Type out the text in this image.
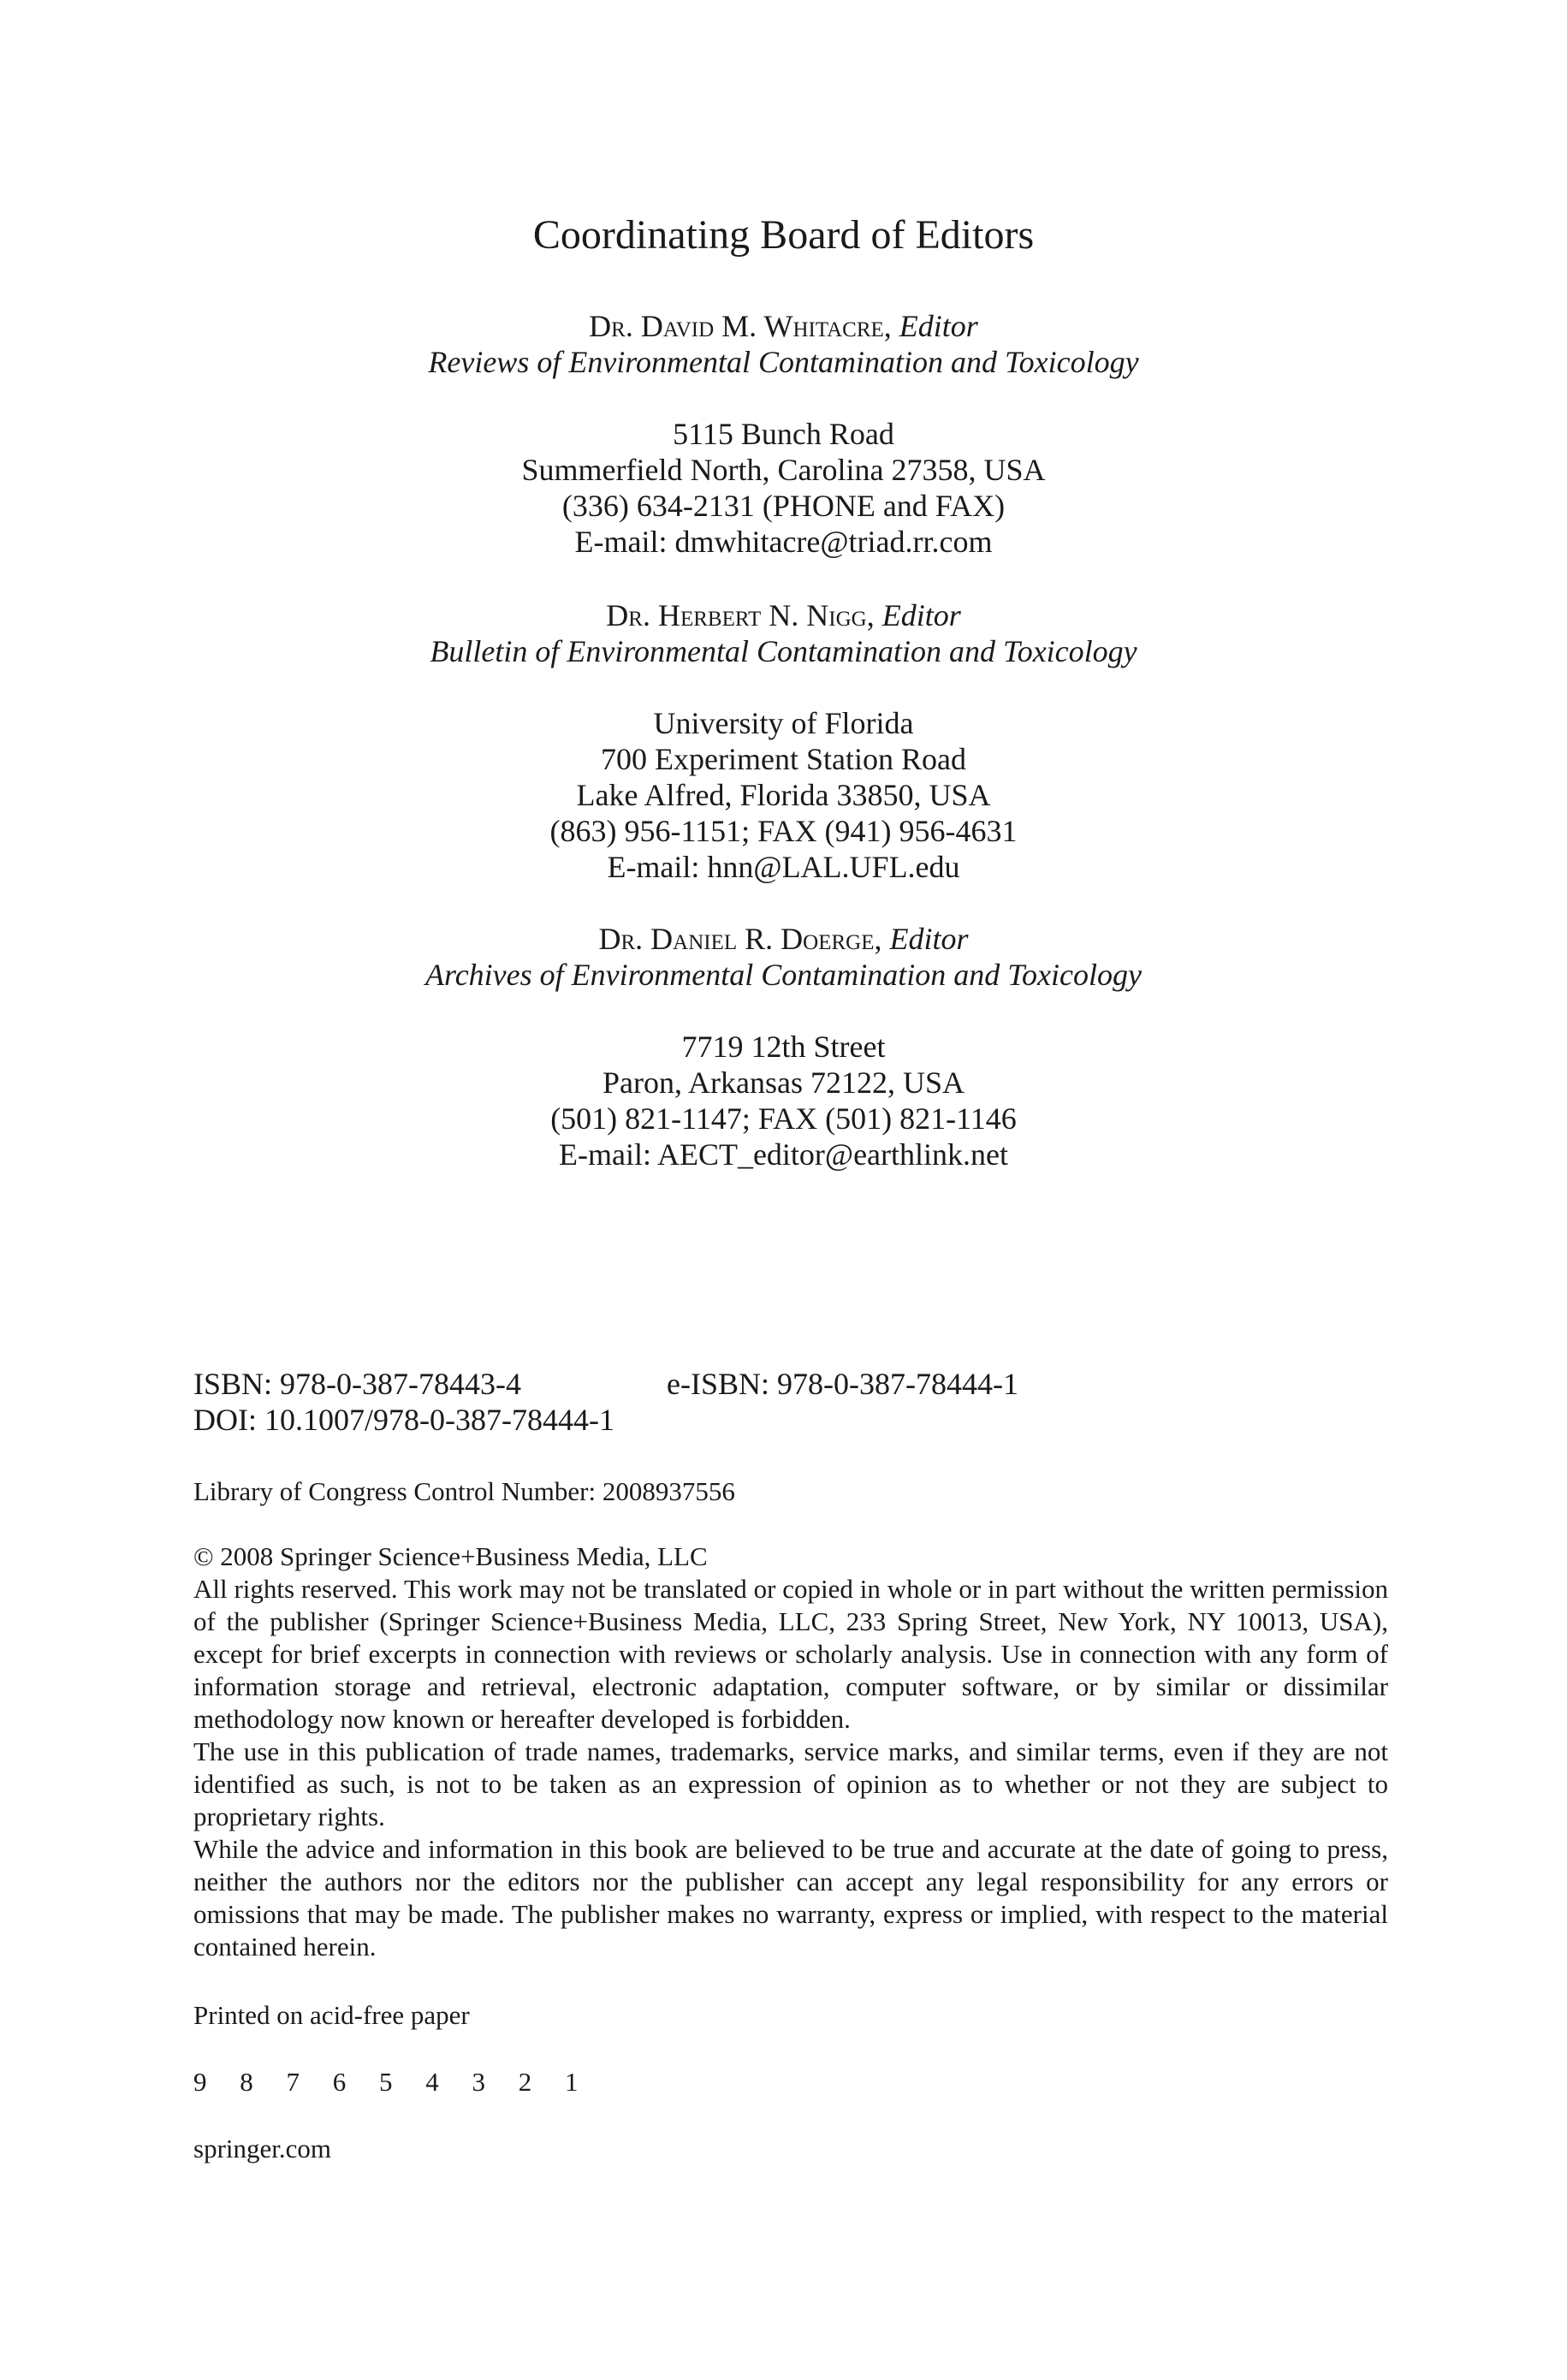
Coordinating Board of Editors
Dr. David M. Whitacre, Editor
Reviews of Environmental Contamination and Toxicology
5115 Bunch Road
Summerfield North, Carolina 27358, USA
(336) 634-2131 (PHONE and FAX)
E-mail: dmwhitacre@triad.rr.com
Dr. Herbert N. Nigg, Editor
Bulletin of Environmental Contamination and Toxicology
University of Florida
700 Experiment Station Road
Lake Alfred, Florida 33850, USA
(863) 956-1151; FAX (941) 956-4631
E-mail: hnn@LAL.UFL.edu
Dr. Daniel R. Doerge, Editor
Archives of Environmental Contamination and Toxicology
7719 12th Street
Paron, Arkansas 72122, USA
(501) 821-1147; FAX (501) 821-1146
E-mail: AECT_editor@earthlink.net
ISBN: 978-0-387-78443-4	e-ISBN: 978-0-387-78444-1
DOI: 10.1007/978-0-387-78444-1
Library of Congress Control Number: 2008937556
© 2008 Springer Science+Business Media, LLC

All rights reserved. This work may not be translated or copied in whole or in part without the written permission of the publisher (Springer Science+Business Media, LLC, 233 Spring Street, New York, NY 10013, USA), except for brief excerpts in connection with reviews or scholarly analysis. Use in connection with any form of information storage and retrieval, electronic adaptation, computer software, or by similar or dissimilar methodology now known or hereafter developed is forbidden.

The use in this publication of trade names, trademarks, service marks, and similar terms, even if they are not identified as such, is not to be taken as an expression of opinion as to whether or not they are subject to proprietary rights.

While the advice and information in this book are believed to be true and accurate at the date of going to press, neither the authors nor the editors nor the publisher can accept any legal responsibility for any errors or omissions that may be made. The publisher makes no warranty, express or implied, with respect to the material contained herein.

Printed on acid-free paper
9 8 7 6 5 4 3 2 1
springer.com
